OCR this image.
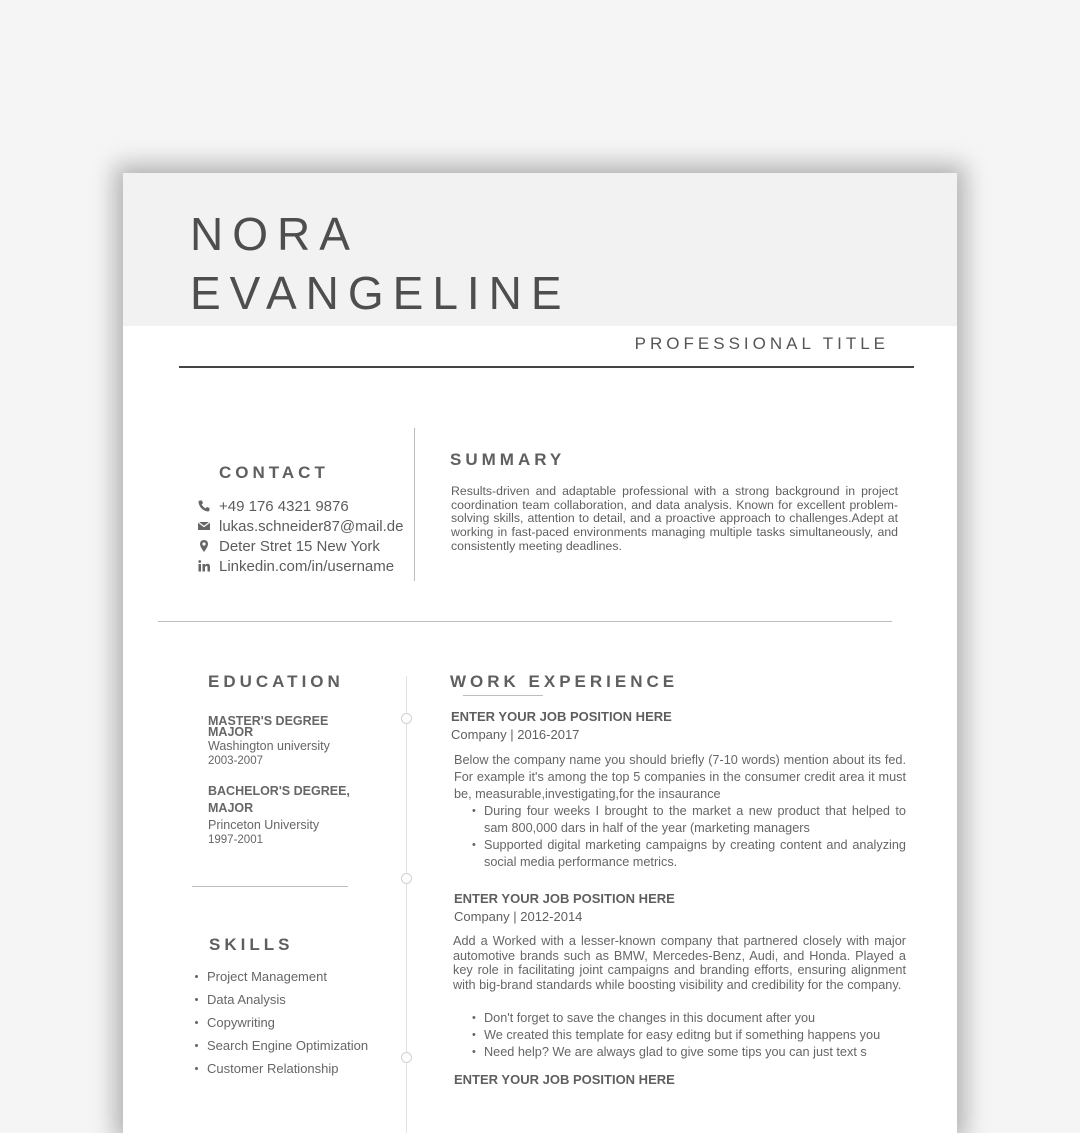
NORA
EVANGELINE
PROFESSIONAL TITLE
CONTACT
+49 176 4321 9876
lukas.schneider87@mail.de
Deter Stret 15 New York
Linkedin.com/in/username
SUMMARY

Results-driven and adaptable professional with a strong background in project coordination team collaboration, and data analysis. Known for excellent problem-solving skills, attention to detail, and a proactive approach to challenges.Adept at working in fast-paced environments managing multiple tasks simultaneously, and consistently meeting deadlines.

EDUCATION
MASTER'S DEGREE
MAJOR
Washington university
2003-2007
BACHELOR'S DEGREE,
MAJOR
Princeton University
1997-2001
SKILLS
Project Management
Data Analysis
Copywriting
Search Engine Optimization
Customer Relationship
WORK EXPERIENCE
ENTER YOUR JOB POSITION HERE
Company | 2016-2017

Below the company name you should briefly (7-10 words) mention about its fed. For example it's among the top 5 companies in the consumer credit area it must be, measurable,investigating,for the insaurance

• During four weeks I brought to the market a new product that helped to sam 800,000 dars in half of the year (marketing managers
• Supported digital marketing campaigns by creating content and analyzing social media performance metrics.
ENTER YOUR JOB POSITION HERE
Company | 2012-2014

Add a Worked with a lesser-known company that partnered closely with major automotive brands such as BMW, Mercedes-Benz, Audi, and Honda. Played a key role in facilitating joint campaigns and branding efforts, ensuring alignment with big-brand standards while boosting visibility and credibility for the company.

• Don't forget to save the changes in this document after you
• We created this template for easy editng but if something happens you
• Need help? We are always glad to give some tips you can just text s
ENTER YOUR JOB POSITION HERE
